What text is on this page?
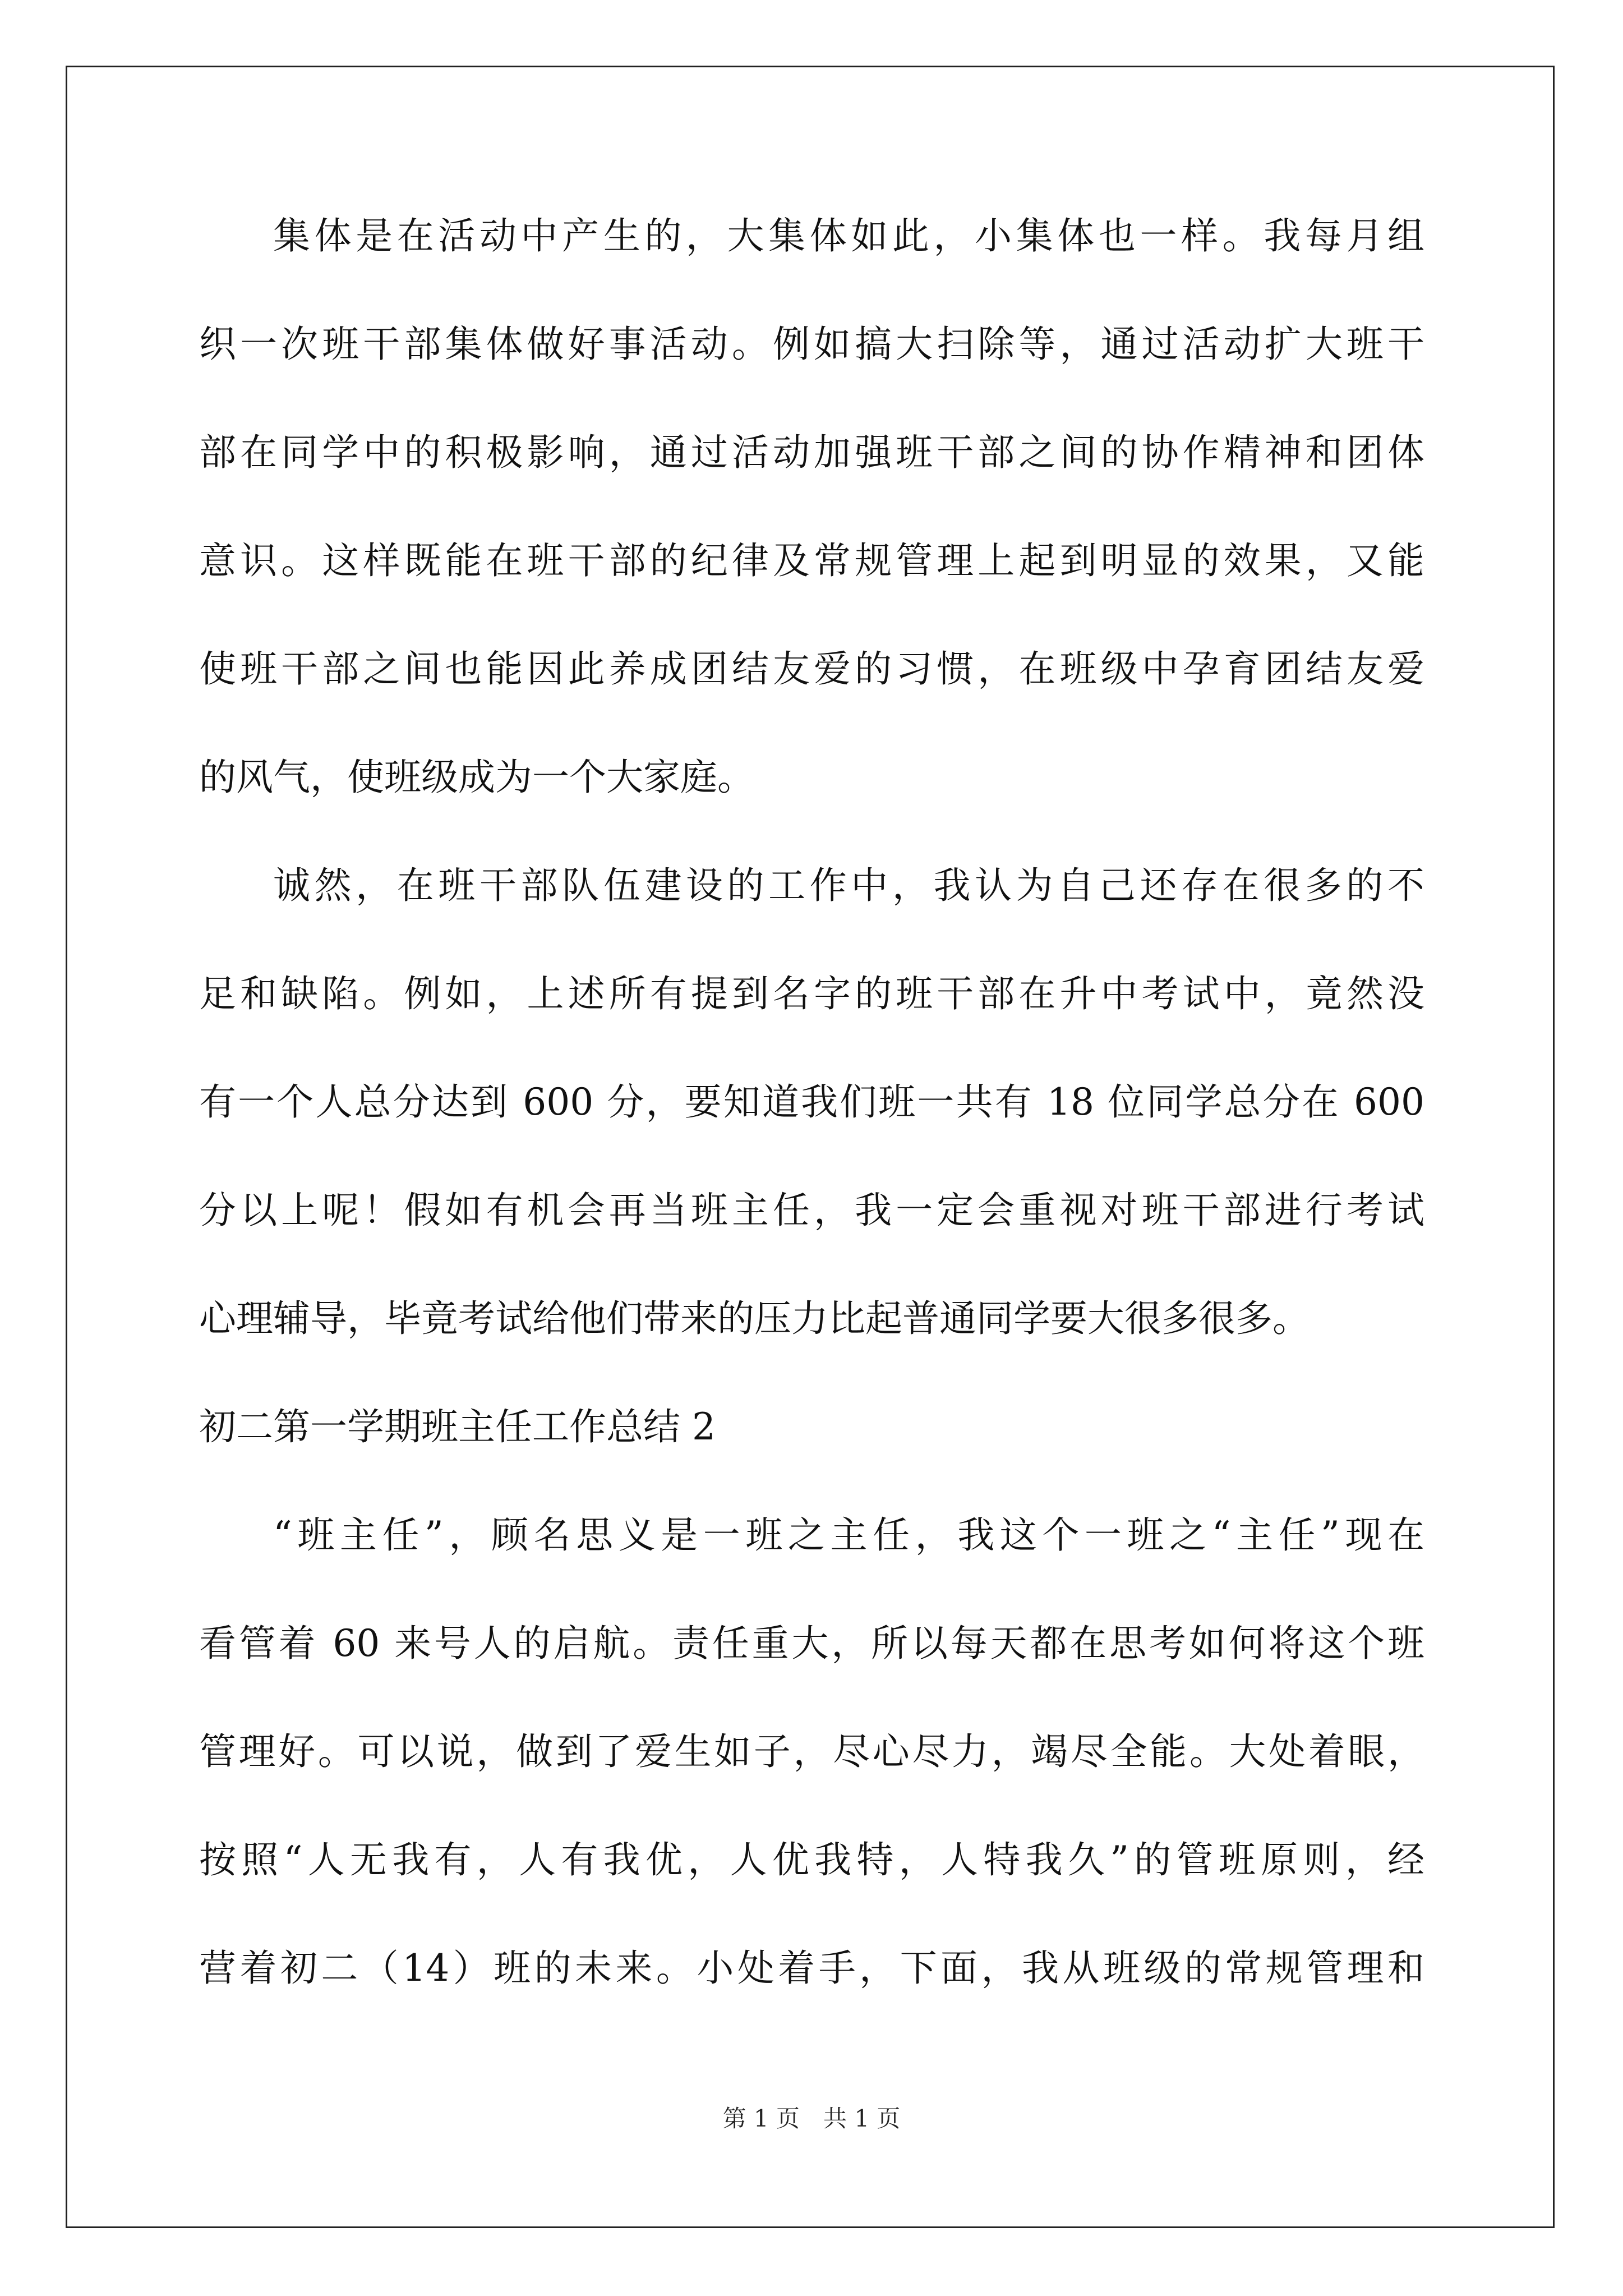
集体是在活动中产生的，大集体如此，小集体也一样。我每月组
织一次班干部集体做好事活动。例如搞大扫除等，通过活动扩大班干
部在同学中的积极影响，通过活动加强班干部之间的协作精神和团体
意识。这样既能在班干部的纪律及常规管理上起到明显的效果，又能
使班干部之间也能因此养成团结友爱的习惯，在班级中孕育团结友爱
的风气，使班级成为一个大家庭。
诚然，在班干部队伍建设的工作中，我认为自己还存在很多的不
足和缺陷。例如，上述所有提到名字的班干部在升中考试中，竟然没
有一个人总分达到 600 分，要知道我们班一共有 18 位同学总分在 600
分以上呢！假如有机会再当班主任，我一定会重视对班干部进行考试
心理辅导，毕竟考试给他们带来的压力比起普通同学要大很多很多。
初二第一学期班主任工作总结 2
“班主任”，顾名思义是一班之主任，我这个一班之“主任”现在
看管着 60 来号人的启航。责任重大，所以每天都在思考如何将这个班
管理好。可以说，做到了爱生如子，尽心尽力，竭尽全能。大处着眼，
按照“人无我有，人有我优，人优我特，人特我久”的管班原则，经
营着初二（14）班的未来。小处着手，下面，我从班级的常规管理和
第 1 页　共 1 页
